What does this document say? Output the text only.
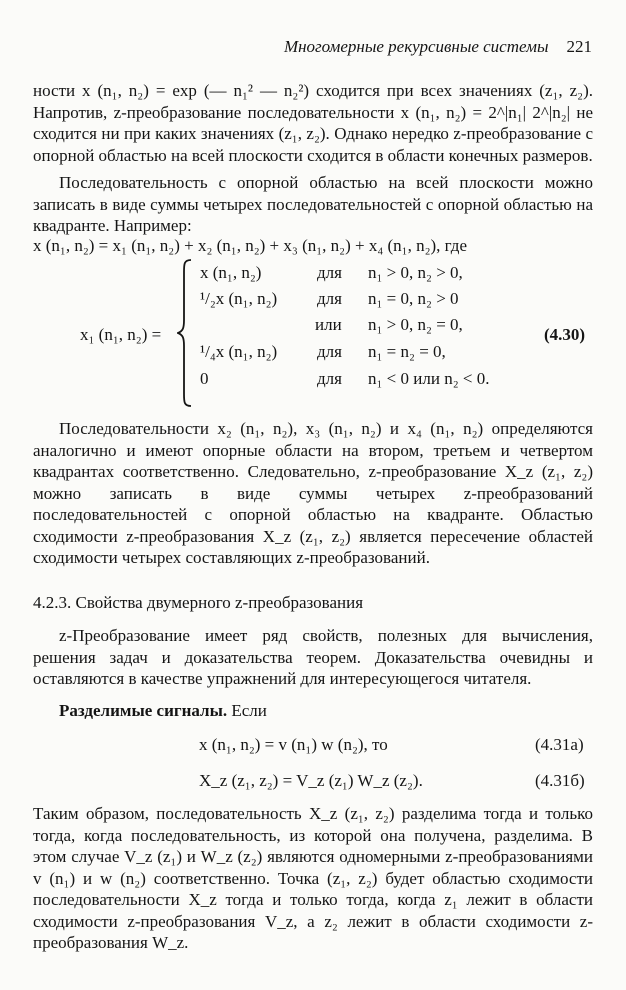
Многомерные рекурсивные системы 221

ности x (n₁, n₂) = exp (— n₁² — n₂²) сходится при всех значениях (z₁, z₂). Напротив, z-преобразование последовательности x (n₁, n₂) = 2^|n₁| 2^|n₂| не сходится ни при каких значениях (z₁, z₂). Однако нередко z-преобразование с опорной областью на всей плоскости сходится в области конечных размеров.

Последовательность с опорной областью на всей плоскости можно записать в виде суммы четырех последовательностей с опорной областью на квадранте. Например:

x (n₁, n₂) = x₁ (n₁, n₂) + x₂ (n₁, n₂) + x₃ (n₁, n₂) + x₄ (n₁, n₂), где
x₁ (n₁, n₂) =
x (n₁, n₂)	для n₁ > 0, n₂ > 0,
¹/₂x (n₁, n₂) для n₁ = 0, n₂ > 0
или n₁ > 0, n₂ = 0,
¹/₄x (n₁, n₂) для n₁ = n₂ = 0,
0	для n₁ < 0 или n₂ < 0.
(4.30)

Последовательности x₂ (n₁, n₂), x₃ (n₁, n₂) и x₄ (n₁, n₂) определяются аналогично и имеют опорные области на втором, третьем и четвертом квадрантах соответственно. Следовательно, z-преобразование X_z (z₁, z₂) можно записать в виде суммы четырех z-преобразований последовательностей с опорной областью на квадранте. Областью сходимости z-преобразования X_z (z₁, z₂) является пересечение областей сходимости четырех составляющих z-преобразований.

4.2.3. Свойства двумерного z-преобразования

z-Преобразование имеет ряд свойств, полезных для вычисления, решения задач и доказательства теорем. Доказательства очевидны и оставляются в качестве упражнений для интересующегося читателя.

Разделимые сигналы. Если
x (n₁, n₂) = v (n₁) w (n₂), то	(4.31а)
X_z (z₁, z₂) = V_z (z₁) W_z (z₂).	(4.31б)

Таким образом, последовательность X_z (z₁, z₂) разделима тогда и только тогда, когда последовательность, из которой она получена, разделима. В этом случае V_z (z₁) и W_z (z₂) являются одномерными z-преобразованиями v (n₁) и w (n₂) соответственно. Точка (z₁, z₂) будет областью сходимости последовательности X_z тогда и только тогда, когда z₁ лежит в области сходимости z-преобразования V_z, а z₂ лежит в области сходимости z-преобразования W_z.
